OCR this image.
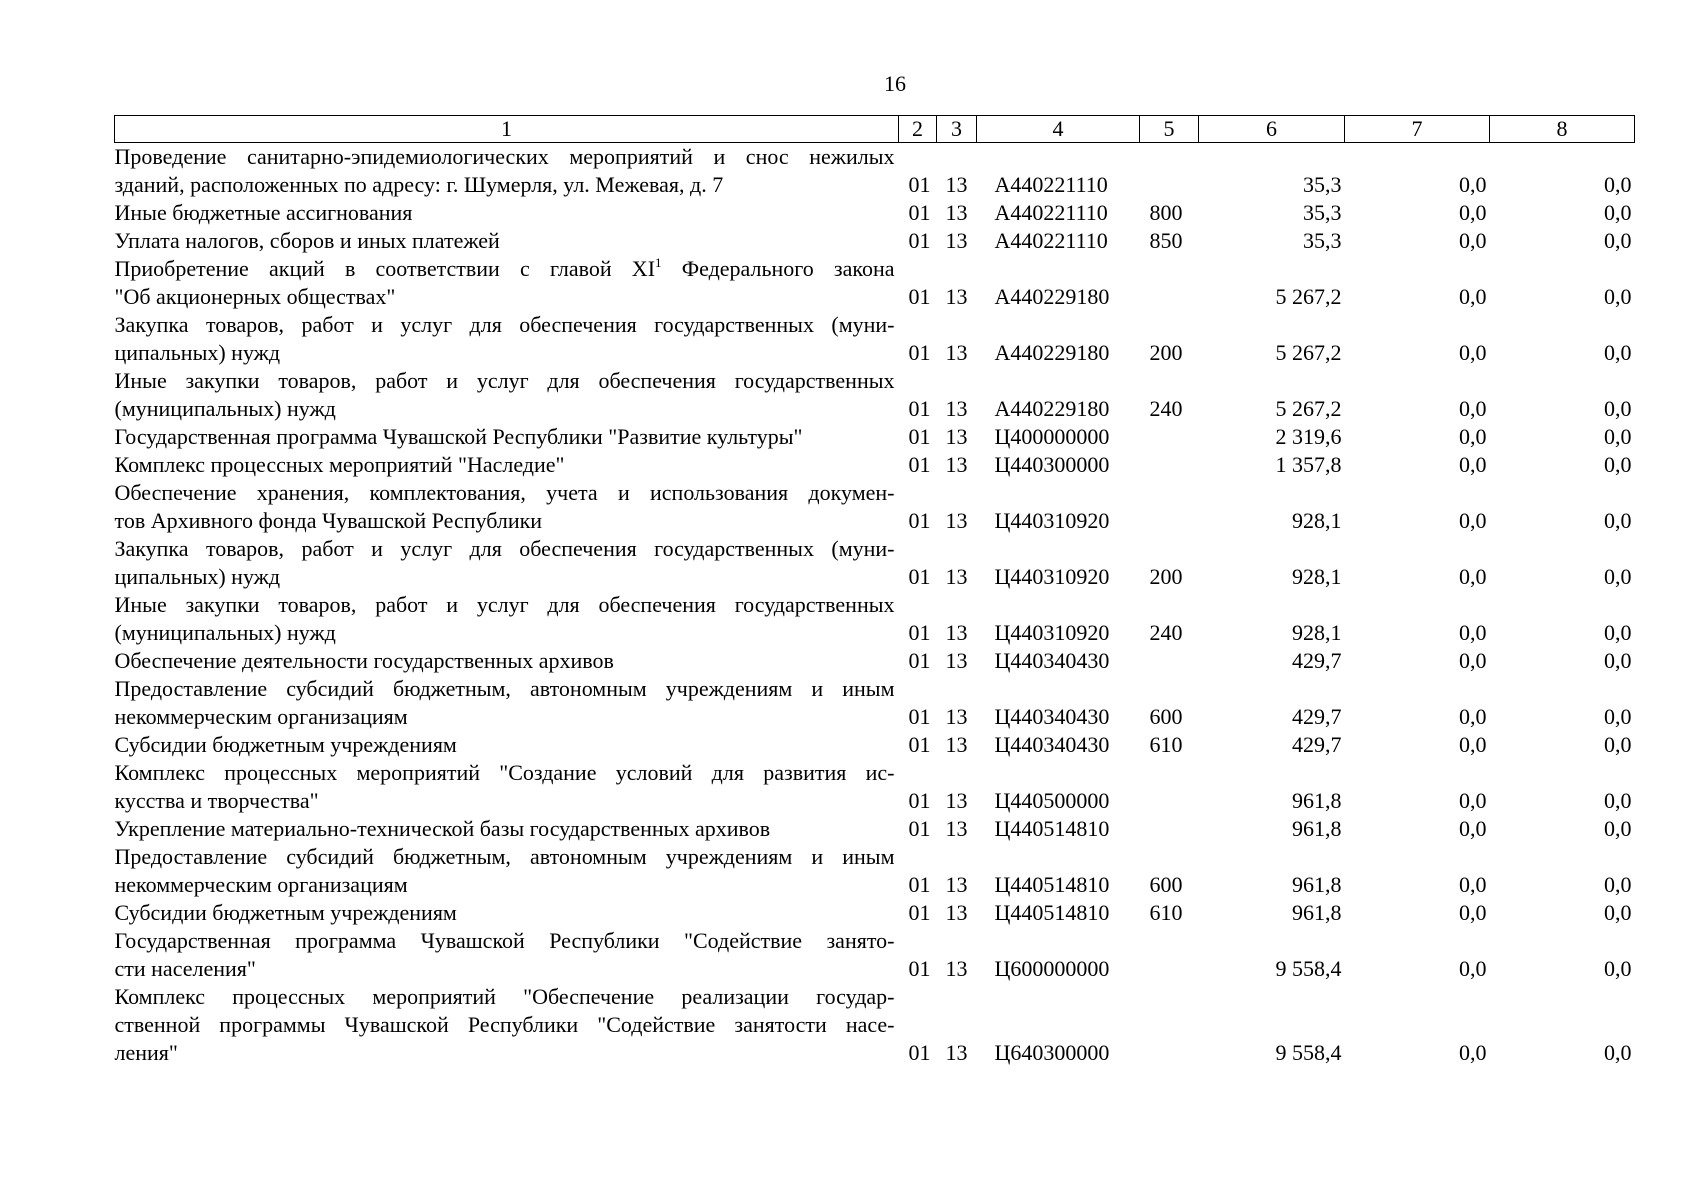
16
1	2	3	4	5	6	7	8

Проведение санитарно-эпидемиологических мероприятий и снос нежилых
зданий, расположенных по адресу: г. Шумерля, ул. Межевая, д. 7	01	13	А440221110		35,3	0,0	0,0

Иные бюджетные ассигнования	01	13	А440221110	800	35,3	0,0	0,0

Уплата налогов, сборов и иных платежей	01	13	А440221110	850	35,3	0,0	0,0

Приобретение акций в соответствии с главой $XI^1$ Федерального закона
"Об акционерных обществах"	01	13	А440229180		5 267,2	0,0	0,0

Закупка товаров, работ и услуг для обеспечения государственных (муни-
ципальных) нужд	01	13	А440229180	200	5 267,2	0,0	0,0

Иные закупки товаров, работ и услуг для обеспечения государственных
(муниципальных) нужд	01	13	А440229180	240	5 267,2	0,0	0,0

Государственная программа Чувашской Республики "Развитие культуры"	01	13	Ц400000000		2 319,6	0,0	0,0

Комплекс процессных мероприятий "Наследие"	01	13	Ц440300000		1 357,8	0,0	0,0

Обеспечение хранения, комплектования, учета и использования докумен-
тов Архивного фонда Чувашской Республики	01	13	Ц440310920		928,1	0,0	0,0

Закупка товаров, работ и услуг для обеспечения государственных (муни-
ципальных) нужд	01	13	Ц440310920	200	928,1	0,0	0,0

Иные закупки товаров, работ и услуг для обеспечения государственных
(муниципальных) нужд	01	13	Ц440310920	240	928,1	0,0	0,0

Обеспечение деятельности государственных архивов	01	13	Ц440340430		429,7	0,0	0,0

Предоставление субсидий бюджетным, автономным учреждениям и иным
некоммерческим организациям	01	13	Ц440340430	600	429,7	0,0	0,0

Субсидии бюджетным учреждениям	01	13	Ц440340430	610	429,7	0,0	0,0

Комплекс процессных мероприятий "Создание условий для развития ис-
кусства и творчества"	01	13	Ц440500000		961,8	0,0	0,0

Укрепление материально-технической базы государственных архивов	01	13	Ц440514810		961,8	0,0	0,0

Предоставление субсидий бюджетным, автономным учреждениям и иным
некоммерческим организациям	01	13	Ц440514810	600	961,8	0,0	0,0

Субсидии бюджетным учреждениям	01	13	Ц440514810	610	961,8	0,0	0,0

Государственная программа Чувашской Республики "Содействие занято-
сти населения"	01	13	Ц600000000		9 558,4	0,0	0,0

Комплекс процессных мероприятий "Обеспечение реализации государ-
ственной программы Чувашской Республики "Содействие занятости насе-
ления"	01	13	Ц640300000		9 558,4	0,0	0,0
